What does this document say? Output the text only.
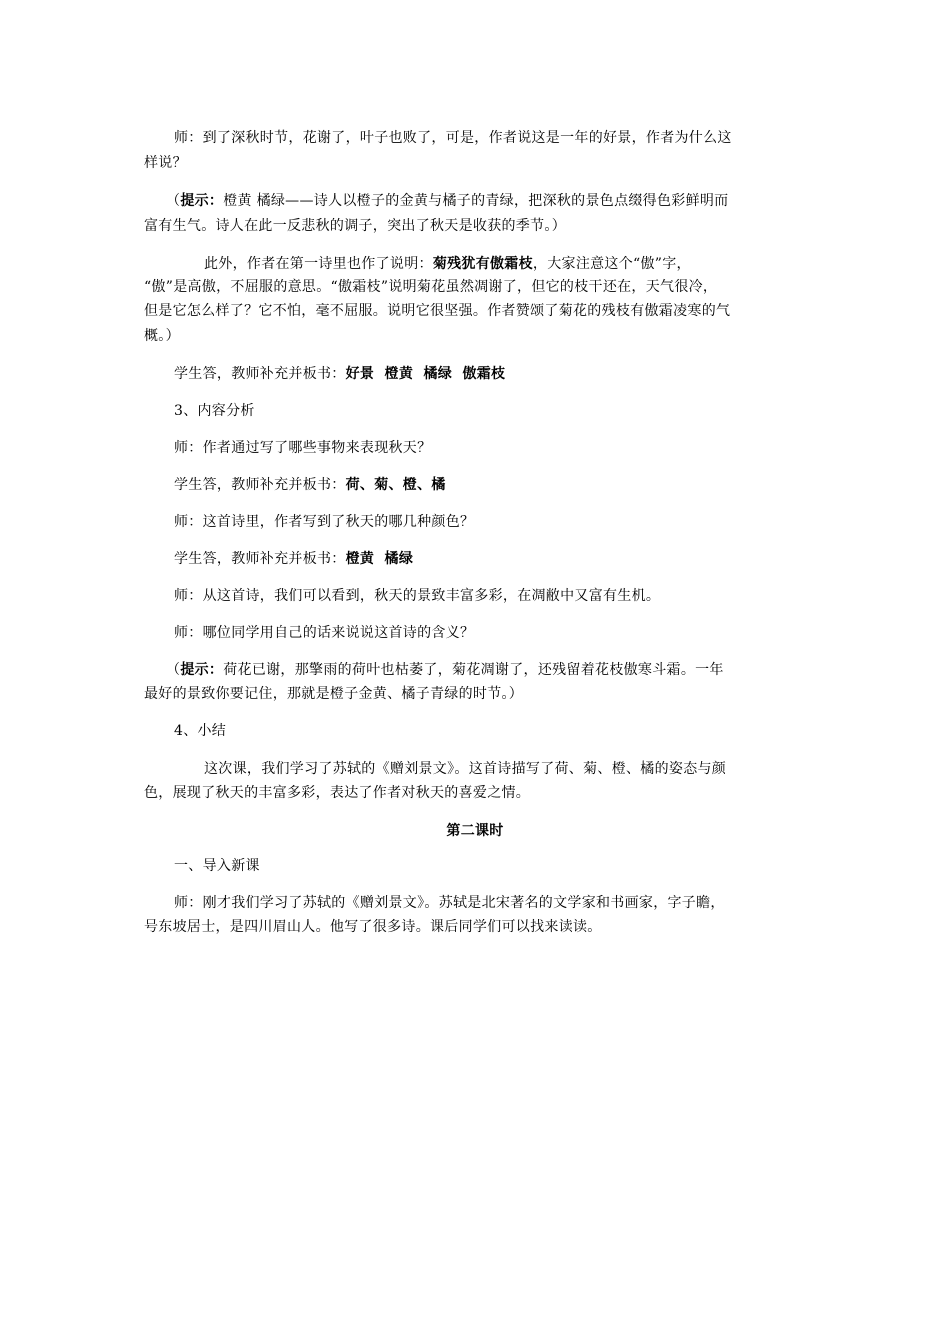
师：到了深秋时节，花谢了，叶子也败了，可是，作者说这是一年的好景，作者为什么这
样说？
（提示：橙黄 橘绿——诗人以橙子的金黄与橘子的青绿，把深秋的景色点缀得色彩鲜明而
富有生气。诗人在此一反悲秋的调子，突出了秋天是收获的季节。）
此外，作者在第一诗里也作了说明：菊残犹有傲霜枝，大家注意这个“傲”字，
“傲”是高傲，不屈服的意思。“傲霜枝”说明菊花虽然凋谢了，但它的枝干还在，天气很冷，
但是它怎么样了？它不怕，毫不屈服。说明它很坚强。作者赞颂了菊花的残枝有傲霜凌寒的气
概。）
学生答，教师补充并板书：好景  橙黄  橘绿  傲霜枝
3、内容分析
师：作者通过写了哪些事物来表现秋天？
学生答，教师补充并板书：荷、菊、橙、橘
师：这首诗里，作者写到了秋天的哪几种颜色？
学生答，教师补充并板书：橙黄  橘绿
师：从这首诗，我们可以看到，秋天的景致丰富多彩，在凋敝中又富有生机。
师：哪位同学用自己的话来说说这首诗的含义？
（提示：荷花已谢，那擎雨的荷叶也枯萎了，菊花凋谢了，还残留着花枝傲寒斗霜。一年
最好的景致你要记住，那就是橙子金黄、橘子青绿的时节。）
4、小结
这次课，我们学习了苏轼的《赠刘景文》。这首诗描写了荷、菊、橙、橘的姿态与颜
色，展现了秋天的丰富多彩，表达了作者对秋天的喜爱之情。
第二课时
一、导入新课
师：刚才我们学习了苏轼的《赠刘景文》。苏轼是北宋著名的文学家和书画家，字子瞻，
号东坡居士，是四川眉山人。他写了很多诗。课后同学们可以找来读读。
